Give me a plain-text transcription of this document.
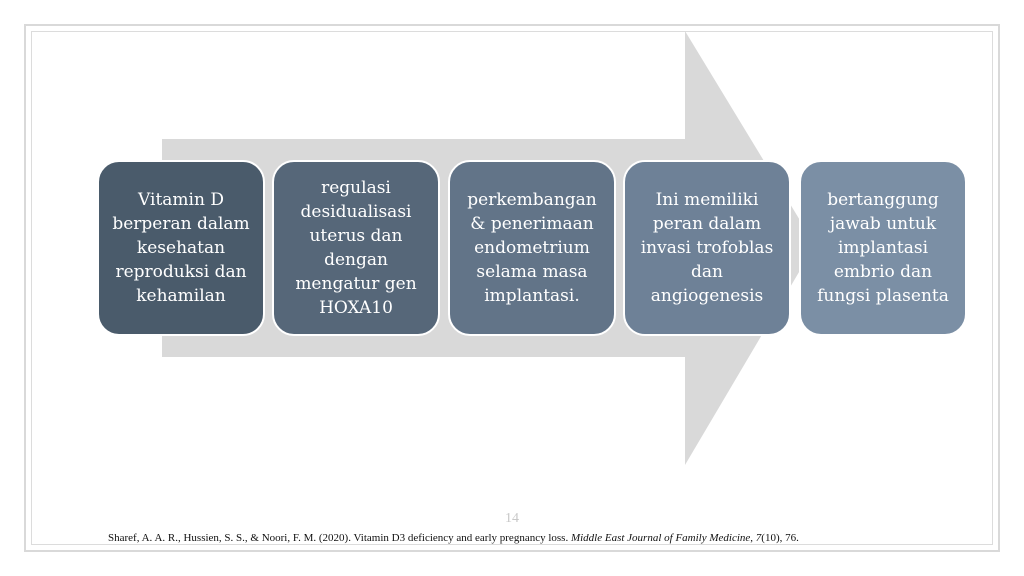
Vitamin D berperan dalam kesehatan reproduksi dan kehamilan
regulasi desidualisasi uterus dan dengan mengatur gen HOXA10
perkembangan & penerimaan endometrium selama masa implantasi.
Ini memiliki peran dalam invasi trofoblas dan angiogenesis
bertanggung jawab untuk implantasi embrio dan fungsi plasenta
14
Sharef, A. A. R., Hussien, S. S., & Noori, F. M. (2020). Vitamin D3 deficiency and early pregnancy loss. Middle East Journal of Family Medicine, 7(10), 76.
